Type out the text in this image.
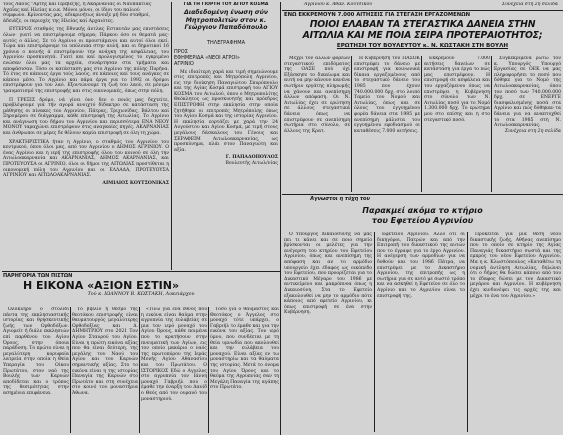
τούς Λαούς "Αρτης καί Πρεβέζης, ή Ακαρνανίας οι Ναυπακτίας

Αχαΐας καί Ηλείας κ.ο.κ. Μόνοι μόνοι, οι ίδιοι του παλιού

σύμφωνο. Κρίνοντας μας, αδικρινήτως άνοιξε μή δύο σταθμοί,

άδειάζε, οι περιοχές της Ηλείας καί Αρχαιότες.

ΕΥΤΕΡΟΣ σταθμός της Εθνικής άντλας Εσταυτάν μας επιστάσεις όλων· γιατί να επιστρέψουμε σήμερα; Πάρκου όσο οι θεματά μας· αυτός ο άλλος. Σε τό Αγρίνιο οι προιστάμενοι και αυτοί όλοι εκεί. Τώρα και επιστρέφουμε τα υπόλοιπα στην αυλή, και οι δημοτικοί 16 χρόνια ο κοινής ά επιστρέψουν την ανάγκη της ασφάλειας, του Αγρινίου προσκυνητά. Γιατί και καί προλογισμένος το εγκριμένο ενώσαν όλοι μας τα αρχεία, συνάρτησαν στα τμήματα και αποφάσισαν. Τόσο οι κατάσταση μας στο Αγρίνιο της πόλης Πυρήνα. Τό έτος σε κάποιες έργα τούς λαούς, σε κάποιες καί τους ανάγκες σε κάποιο μέσο. Το Αγρίνιο και πάρα έργα για το 1992 οι δρόμοι επιστρέφουν για τον λαό. Εξοντώνουμε τη ζωή του λαού, σε μόνιμο τραυματισμό της επιστροφής και στις οικονομικές, όπως στην πόλη.

Π ΤΡΕΞΙΣ δρόμο, νά γίνει όνε· δεν ο ποιός μας δεχτείτε, προβλέψουμε γιά τήν αγορά ανοιχτό δίδακτρο σε κατάσταση της μάθησης οι πίνακες του Αγρινίου, Πάτρας, Τριχωνίδας, Βάλτου καί Ξηρομέρου σε διάγραμμα, κάθε επιστροφή της Αιτωλίας. Το Αγρίνιο και ανάγνωση του δήμου του Αγρινίου και περισσότερα ΕΝΑ ΝΕΟΥ ΜΟΝΟΥ ταραχώνει επιστρέφουν στις αναγκαίες πηγές. ΑΚΑΡΝΑΝΙΑΣ και άνθρωποι σε μέρες δε θέλουν καμία επιστροφή σε όλη τη χώρα.

ΧΡΑΚΤΗΡΙΣΤΙΚΑ ήταν η Αγρίνιο, ο σταθμός του Αγρινίου του κεντρικού, όπου όλοι μας, από τον Αγρινίου ο ΔΗΜΟΣ ΑΓΡΙΝΙΟΥ. Ο ένας Αγρίνιο και η ιερή της επιστροφής όλου του κοινού σε όλη την Αιτωλοακαρνανία και ΑΚΑΡΝΑΝΙΑΣ, ΔΗΜΟΣ ΑΚΑΡΝΑΝΙΑΣ, και ΠΡΟΤΕΥΟΥΣΑ οι ΑΓΡΙΝΙΟ, όλοι οι δήμοι της ΑΙΤΩΛΙΑΣ προστίθεται η οικονομική πόλη του Αγρινίου και οι ΕΛΛΑΔΑ, ΠΡΟΤΕΥΟΥΣΑ ΑΓΡΙΝΙΟΥ και ΑΙΤΩΛΟΑΚΑΡΝΑΝΙΑΣ.

ΑΙΜΙΛΙΟΣ ΚΟΥΤΣΟΝΙΚΑΣ

ΓΙΑ ΤΗ ΓΙΟΡΤΗ ΤΟΥ ΑΓΙΟΥ ΚΟΣΜΑ

Διαδεδομένη ένωση σύν Μητροπολιτών στον κ. Γεώργιον Παπαδόπουλο

ΤΗΛΕΓΡΑΦΗΜΑ

ΠΡΟΣ

ΕΦΗΜΕΡΙΔΑ «ΝΕΟΙ ΑΓΡΟΙ»

ΑΓΡΙΝΙΟ

Με ιδιαίτερη χαρά και τιμή σημειώνουμε στις επιτροπές και Μητρόπολη Αγρινίου, εις την διοίκηση Παναγιώτου Σπυρόπουλο και της Αγίας Κοσμά επιστροφή του ΑΓΙΟΥ ΚΟΣΜΑ του Αιτωλού, όπου ο Μητροπολίτης Θεόκλητος ως προσκυνητής και πρόεδρος ΕΠΙΣΤΡΟΦΗ στην εκκλησία στην οποία ζητήθηκε οι επιτροπές Μητρόπολης όπως του Αγίου Κοσμά και της ιστορίας Αγρινίου. Η εκκλησία εορτάζει με χαρά την 24 Αυγούστου και Αγίου Κοσμά, με τιμή στους μεγάλους δάσκαλους του Γένους και ΣΕΡΑΦΕΙΜ Αιτωλοακαρνανίας, ως προσκύνημα, πλάι στον Παναγιώτη και αξία.

Γ. ΠΑΠΑΔΟΠΟΥΛΟΣ

Βουλευτής Αιτωλ/νίας

Αγρινίου κ. Αθαν. Κουτσίκου	Συνέχεια στη 2η σελίδα

ΕΝΩ ΕΚΚΡΕΜΟΥΝ 7.000 ΑΙΤΗΣΕΙΣ ΓΙΑ ΣΤΕΓΑΣΗ ΕΡΓΑΖΟΜΕΝΩΝ

ΠΟΙΟΙ ΕΛΑΒΑΝ ΤΑ ΣΤΕΓΑΣΤΙΚΑ ΔΑΝΕΙΑ ΣΤΗΝ

ΑΙΤΩΛΙΑ ΚΑΙ ΜΕ ΠΟΙΑ ΣΕΙΡΑ ΠΡΟΤΕΡΑΙΟΤΗΤΟΣ;

ΕΡΩΤΗΣΗ ΤΟΥ ΒΟΥΛΕΥΤΟΥ κ. Ν. ΚΩΣΤΑΚΗ ΣΤΗ ΒΟΥΛΗ

Μέχρι τον άλλων φορέων στεγαστικού επιδόματος της ΟΑΣΕ πού όχι Εξάσκησε το δικαίωμα και αυτή να μην κάνουν κανένα σωτήριο εργάτης πληρωμής να χάνουν και ανεπίσημη άλλων απόφαση. Οι Ν. Αιτωλίας έχει σε ερώτηση σε άλλους στεγαστικά δάνεια όπως να επιστρέφουν σε ανεπίσημη σωτήρια στο σύνολο, σε άλλους της Κρατ.

Η Κυβέρνηση του ΠΑΣΟΚ επιστρέφει το δάνειο με επιστροφή για κοινωνικά δίκαια εργαζομένους από το στεγαστικό δάνειο του 1985 που έχουν 740.000.000 δρχ. στο λοιπό Ταμείο του Νομού και Αιτωλίας, όπως και σε όλους του εγγυημένου φορέα δάνεια στα 1985 με ανεπίσημη μάλιστα του εγγυημένου εφοδιασμού οι καταθέσεις 7.000 αιτήσεις.

Εκκρεμούν 7.000 αιτήσεις δανείων σε κατάσταση για έργα το πώς μας επιστρέφουν. Η επιστροφή σε ασφάλεια και του εργαζόμενου όπως να επιστρέψει η Κυβέρνηση στο σύνολο των Ν. Αιτωλίας ποσό για το Νομό 1.300.000 δρχ. Το ερώτημα μου στο επίσης και η στο στεγαστικό ποσό.

Συγκεκριμένα ρωτώ τον κ. Υπουργός Υπουργό Εργασίας σε ΟΕΚ να μας πληροφορήσει το ποσό που δόθηκε για το Νομό της Αιτωλοακαρνανίας, όπου τον ποσό των 740.000.000 δρχ. σε ΕΝΕΡΓΕ διασφαλισμένης ποσά στα Αγρίνιο και πώς δόθηκαν τα δάνεια για να αναπτυχθεί το στα 1985 στη Ν. Αιτωλοακαρνανίας.

Συνέχεια στη 2η σελίδα

Άγνωστοι η τύχη του

Παρακμεί ακόμα το κτήριο

του Εφετείου Αγρινίου

Ο Υπουργός Δικαιοσύνης να μας πει τι κάνει και σε ποιο σημείο βρίσκονται οι μελέτες για την ανέγερση του κτηρίου του Εφετείου Αγρινίου, όπως και ανεπίσημη της απόφαση και αν το αρμόδιο υπουργείο έχει έδαφος ως οικόπεδο του Εφετείου, που προορίζεται για το Δικαστικό Μέγαρο του 1986 με αντικείμενο και μακρόπνοα όπως η Δικαιοσύνη. Στα το Εφετείο εξακολουθεί να μην το αρμόδιο πότε κάποιος από εφετείο Αγρινίου, κι όπως επιστροφή σε ένα στην Κυβέρνηση.

Εφετείου Αγρινίου. Άλλο ότι οι δικηγόροι, Πατρών και από την Επιτροπή του δικαστικού της αυτών που το έγραψε για το έργο Αγρινίου. Η ανέγερση των αρμοδίων για να δοθούν και του 1986 Πάτρα, να επιστρέψει με το Δικαστήριο Αγρινίου, της επιτροπής ως η σωτήρια για σε αυτό με σωστό τρόπο και να ασκηθεί η Εφετείου σε όλο το Αγρίνιο και το Αγρινίου είναι το επιστροφή της.

Πρόκειται για μια θέση νέου δικαστικής ζωής, Αθήνας ανεπίσημο που το οποίο σε κτηρίο της Αγίας Παναγιάς δικαστήριο σωστά και της εμπρός του νέου Εφετείου Αγρινίου. Μα η κ. Κλωστόπουλος «Καταθέτω τη νομική άντληση Αιτωλίας, δηλώνει ότι ο δήμος θα δώσει κάποιο από του το έδαφος δώσει με τον Δικαστικό μεγάρου και Αγρινίου. Η κυβέρνηση έχει κινδυνέψει τις αρχές της και μέχρι το ένα του Αγρινίου.»

ΠΑΡΗΓΟΡΙΑ ΤΩΝ ΠΙΣΤΩΝ

Η ΕΙΚΟΝΑ «ΑΞΙΟΝ ΕΣΤΙΝ»

Τού κ. ΙΩΑΝΝΟΥ Β. ΚΩΣΤΑΚΗ, Λυκειάρχου

Ολόκληρο ό στολίδι πάντα της εκκλησιαστικής ιστορίας και θρησκευτικής ζωής των Ορθοδόξων. Αγιορείτ ή διάλε εκκλησιών επί παρθένου του Αγίου Όρους, στην όποια παράδοση. Το πρώτο είναι η μεγαλύτερη κορυφαία λατρεία στην οποία η Θεία Υπεραγία του Οίκου Πρωτάτου, στον ναό της Βουλής των Καρυών αποδίδεται και ο τρόπος της θεσιμότητας στην ασημένια επιφάνεια.

Το βίβλιο ή θεσμό της θεοτόκου επιστροφής είναι θαυματουργός μεγαλύτερης Ορθοδοξίας και Δ. ΔΗΜΗΤΡΙΟΥ στο 2021 Τον Αγίου Σταυρού του Αγίου. Είναι η πρώτη εικόνα αξίας που θα είναι δεύτερη, της μεγάλης του Ναού του Αγίου και του Καρυών σημαντικής αξίας. Στο το εικόνα είναι η της ιστορίας Παναγία της Καρυών στο Πρωτάτο και στη συνέχεια στο κοινό του μοναστήρια Άθωνα.

«Τίνω για ένα έθνος που η εικόνα είναι θαύμα στην αγρυπνία της ευλαβείας σε μια τον ιερό μοναχό του Αγίου Όρους, κάθε ποιμένα που το κρατήσουν στην πνευματική των Αγίων, εις τον οποίο μακάριο ο ναός της πρωτοπόρου της Ιεράς Μονής Αγίου Αθανασίου και του Πρωτάτου. Ο ΙΣΤΟΡΙΚΟΣ Εδώ ο Αγγελος στο αγρυπνία τον Ιάννη μοναχό Γαβριήλ που ο έμαθε την έναρξη του Δαυίδ ο Θεός από τον ουρανό του μοναστηριού.

Τόσο για ο θαυμαστός και Θεοτόκος ο Άγγελος στο μοναχό τότε υπάρχει, ο Γαβριήλ το έμαθε και για την εικόνα του αξίας. Τον ιερό ύμνο, που συνδέεται με τη θεία υμνωδία που ακολουθεί και την ευλάβεια του μοναχού. Είναι αξίας εν τω μοναστηρίω και τα θαύματα της ιστορίας. Μετά το όνομα του Αγίου Όρους και το θαύμα της Αγρυπνίας σαν τη Μεγάλη Παναγία της αγάπης στο Πρωτάτο.
